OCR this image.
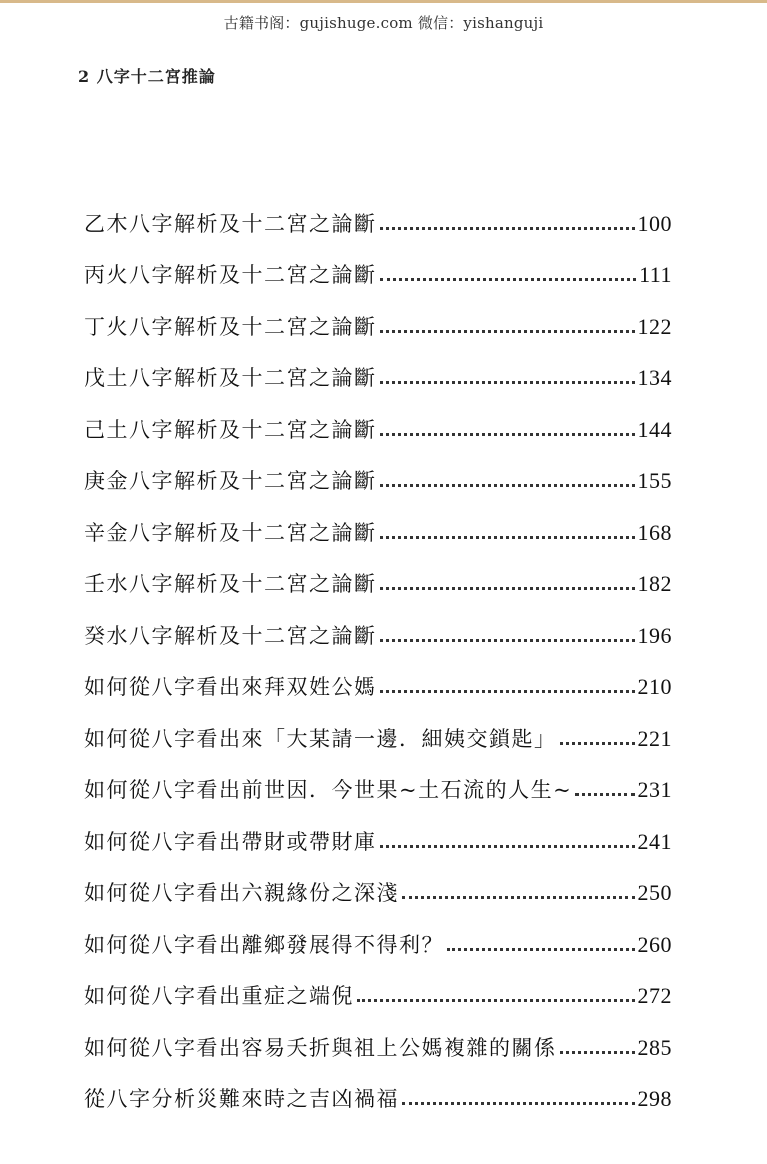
古籍书阁：gujishuge.com 微信：yishanguji
2 八字十二宮推論
乙木八字解析及十二宮之論斷	100
丙火八字解析及十二宮之論斷	111
丁火八字解析及十二宮之論斷	122
戊土八字解析及十二宮之論斷	134
己土八字解析及十二宮之論斷	144
庚金八字解析及十二宮之論斷	155
辛金八字解析及十二宮之論斷	168
壬水八字解析及十二宮之論斷	182
癸水八字解析及十二宮之論斷	196
如何從八字看出來拜双姓公媽	210
如何從八字看出來「大某請一邊．細姨交鎖匙」	221
如何從八字看出前世因．今世果~土石流的人生~	231
如何從八字看出帶財或帶財庫	241
如何從八字看出六親緣份之深淺	250
如何從八字看出離鄉發展得不得利？	260
如何從八字看出重症之端倪	272
如何從八字看出容易夭折與祖上公媽複雜的關係	285
從八字分析災難來時之吉凶禍福	298
